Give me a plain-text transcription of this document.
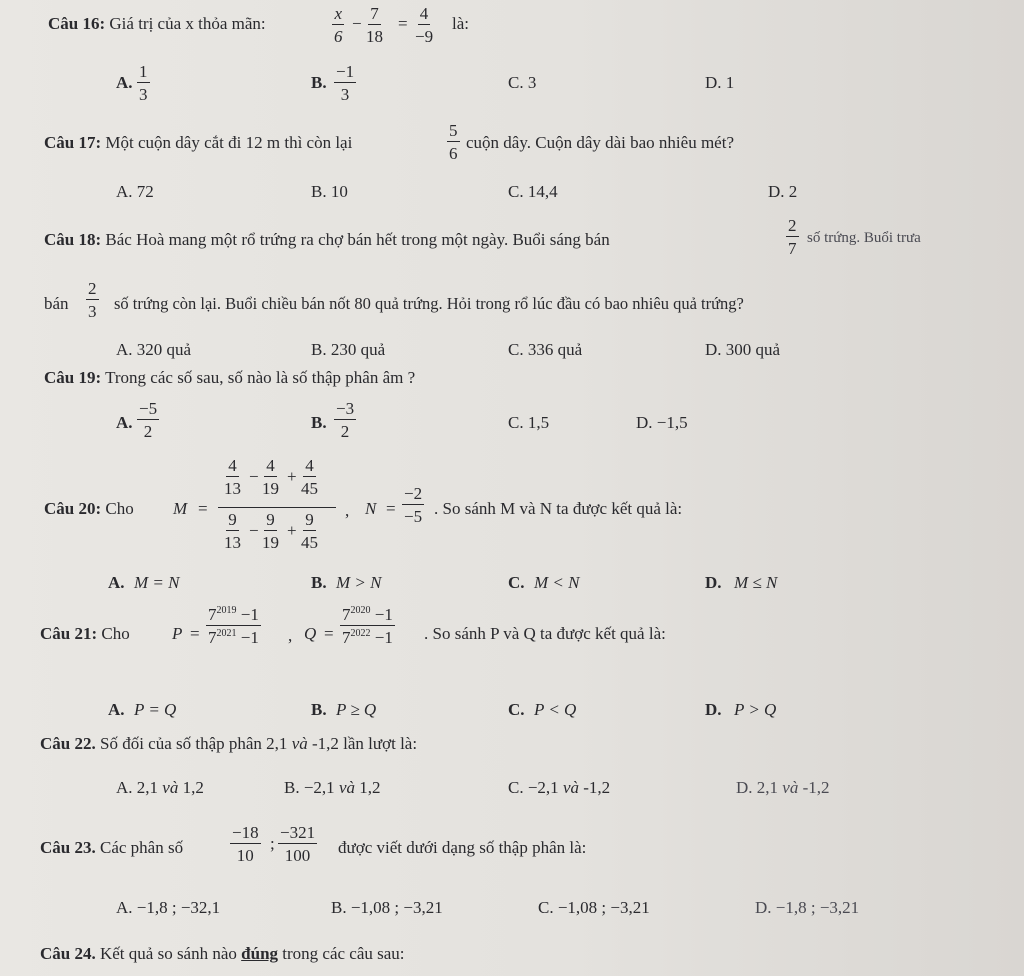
Câu 16: Giá trị của x thỏa mãn:	$\frac{x}{6} - \frac{7}{18} = \frac{4}{-9}$ là:
A. $\frac{1}{3}$	B. $\frac{-1}{3}$	C. 3	D. 1
Câu 17: Một cuộn dây cắt đi 12 m thì còn lại	$\frac{5}{6}$ cuộn dây. Cuộn dây dài bao nhiêu mét?
A. 72	B. 10	C. 14,4	D. 2
Câu 18: Bác Hoà mang một rổ trứng ra chợ bán hết trong một ngày. Buổi sáng bán	$\frac{2}{7}$ số trứng. Buổi trưa
bán $\frac{2}{3}$ số trứng còn lại. Buổi chiều bán nốt 80 quả trứng. Hỏi trong rổ lúc đầu có bao nhiêu quả trứng?
A. 320 quả	B. 230 quả	C. 336 quả	D. 300 quả
Câu 19: Trong các số sau, số nào là số thập phân âm ?
A. $\frac{-5}{2}$	B. $\frac{-3}{2}$	C. 1,5	D. −1,5
Câu 20: Cho M =
$\frac{4}{13} - \frac{4}{19} + \frac{4}{45}$
$\frac{9}{13} - \frac{9}{19} + \frac{9}{45}$
, $N = \frac{-2}{-5}$ . So sánh M và N ta được kết quả là:
A. M = N	B. M > N	C. M < N	D. M ≤ N
Câu 21: Cho $P = \frac{7^{2019} -1}{7^{2021} -1}$ , $Q = \frac{7^{2020} -1}{7^{2022} -1}$ . So sánh P và Q ta được kết quả là:
A. P = Q	B. P ≥ Q	C. P < Q	D. P > Q
Câu 22. Số đối của số thập phân 2,1 và -1,2 lần lượt là:
A. 2,1 và 1,2	B. −2,1 và 1,2	C. −2,1 và -1,2	D. 2,1 và -1,2
Câu 23. Các phân số	$\frac{-18}{10}$ ; $\frac{-321}{100}$ được viết dưới dạng số thập phân là:
A. −1,8 ; −32,1	B. −1,08 ; −3,21	C. −1,08 ; −3,21	D. −1,8 ; −3,21
Câu 24. Kết quả so sánh nào đúng trong các câu sau:
